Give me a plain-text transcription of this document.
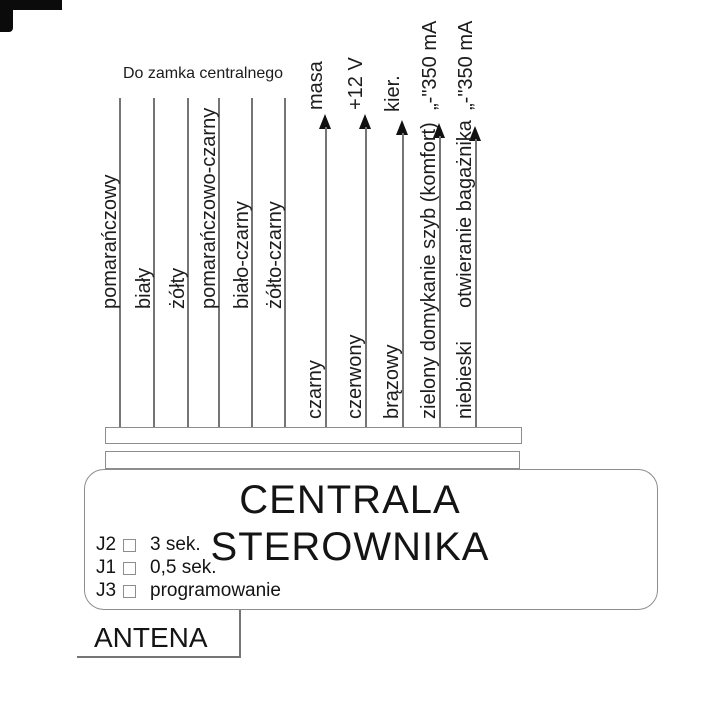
Do zamka centralnego
pomarańczowy biały żółty pomarańczowo-czarny biało-czarny żółto-czarny
masa
czarny
+12 V
czerwony
kier.
brązowy
„-"350 mA
zielony domykanie szyb (komfort)
„-"350 mA
niebieski
otwieranie bagażnika
CENTRALA
STEROWNIKA
J2	3 sek.
J1	0,5 sek.
J3	programowanie
ANTENA
